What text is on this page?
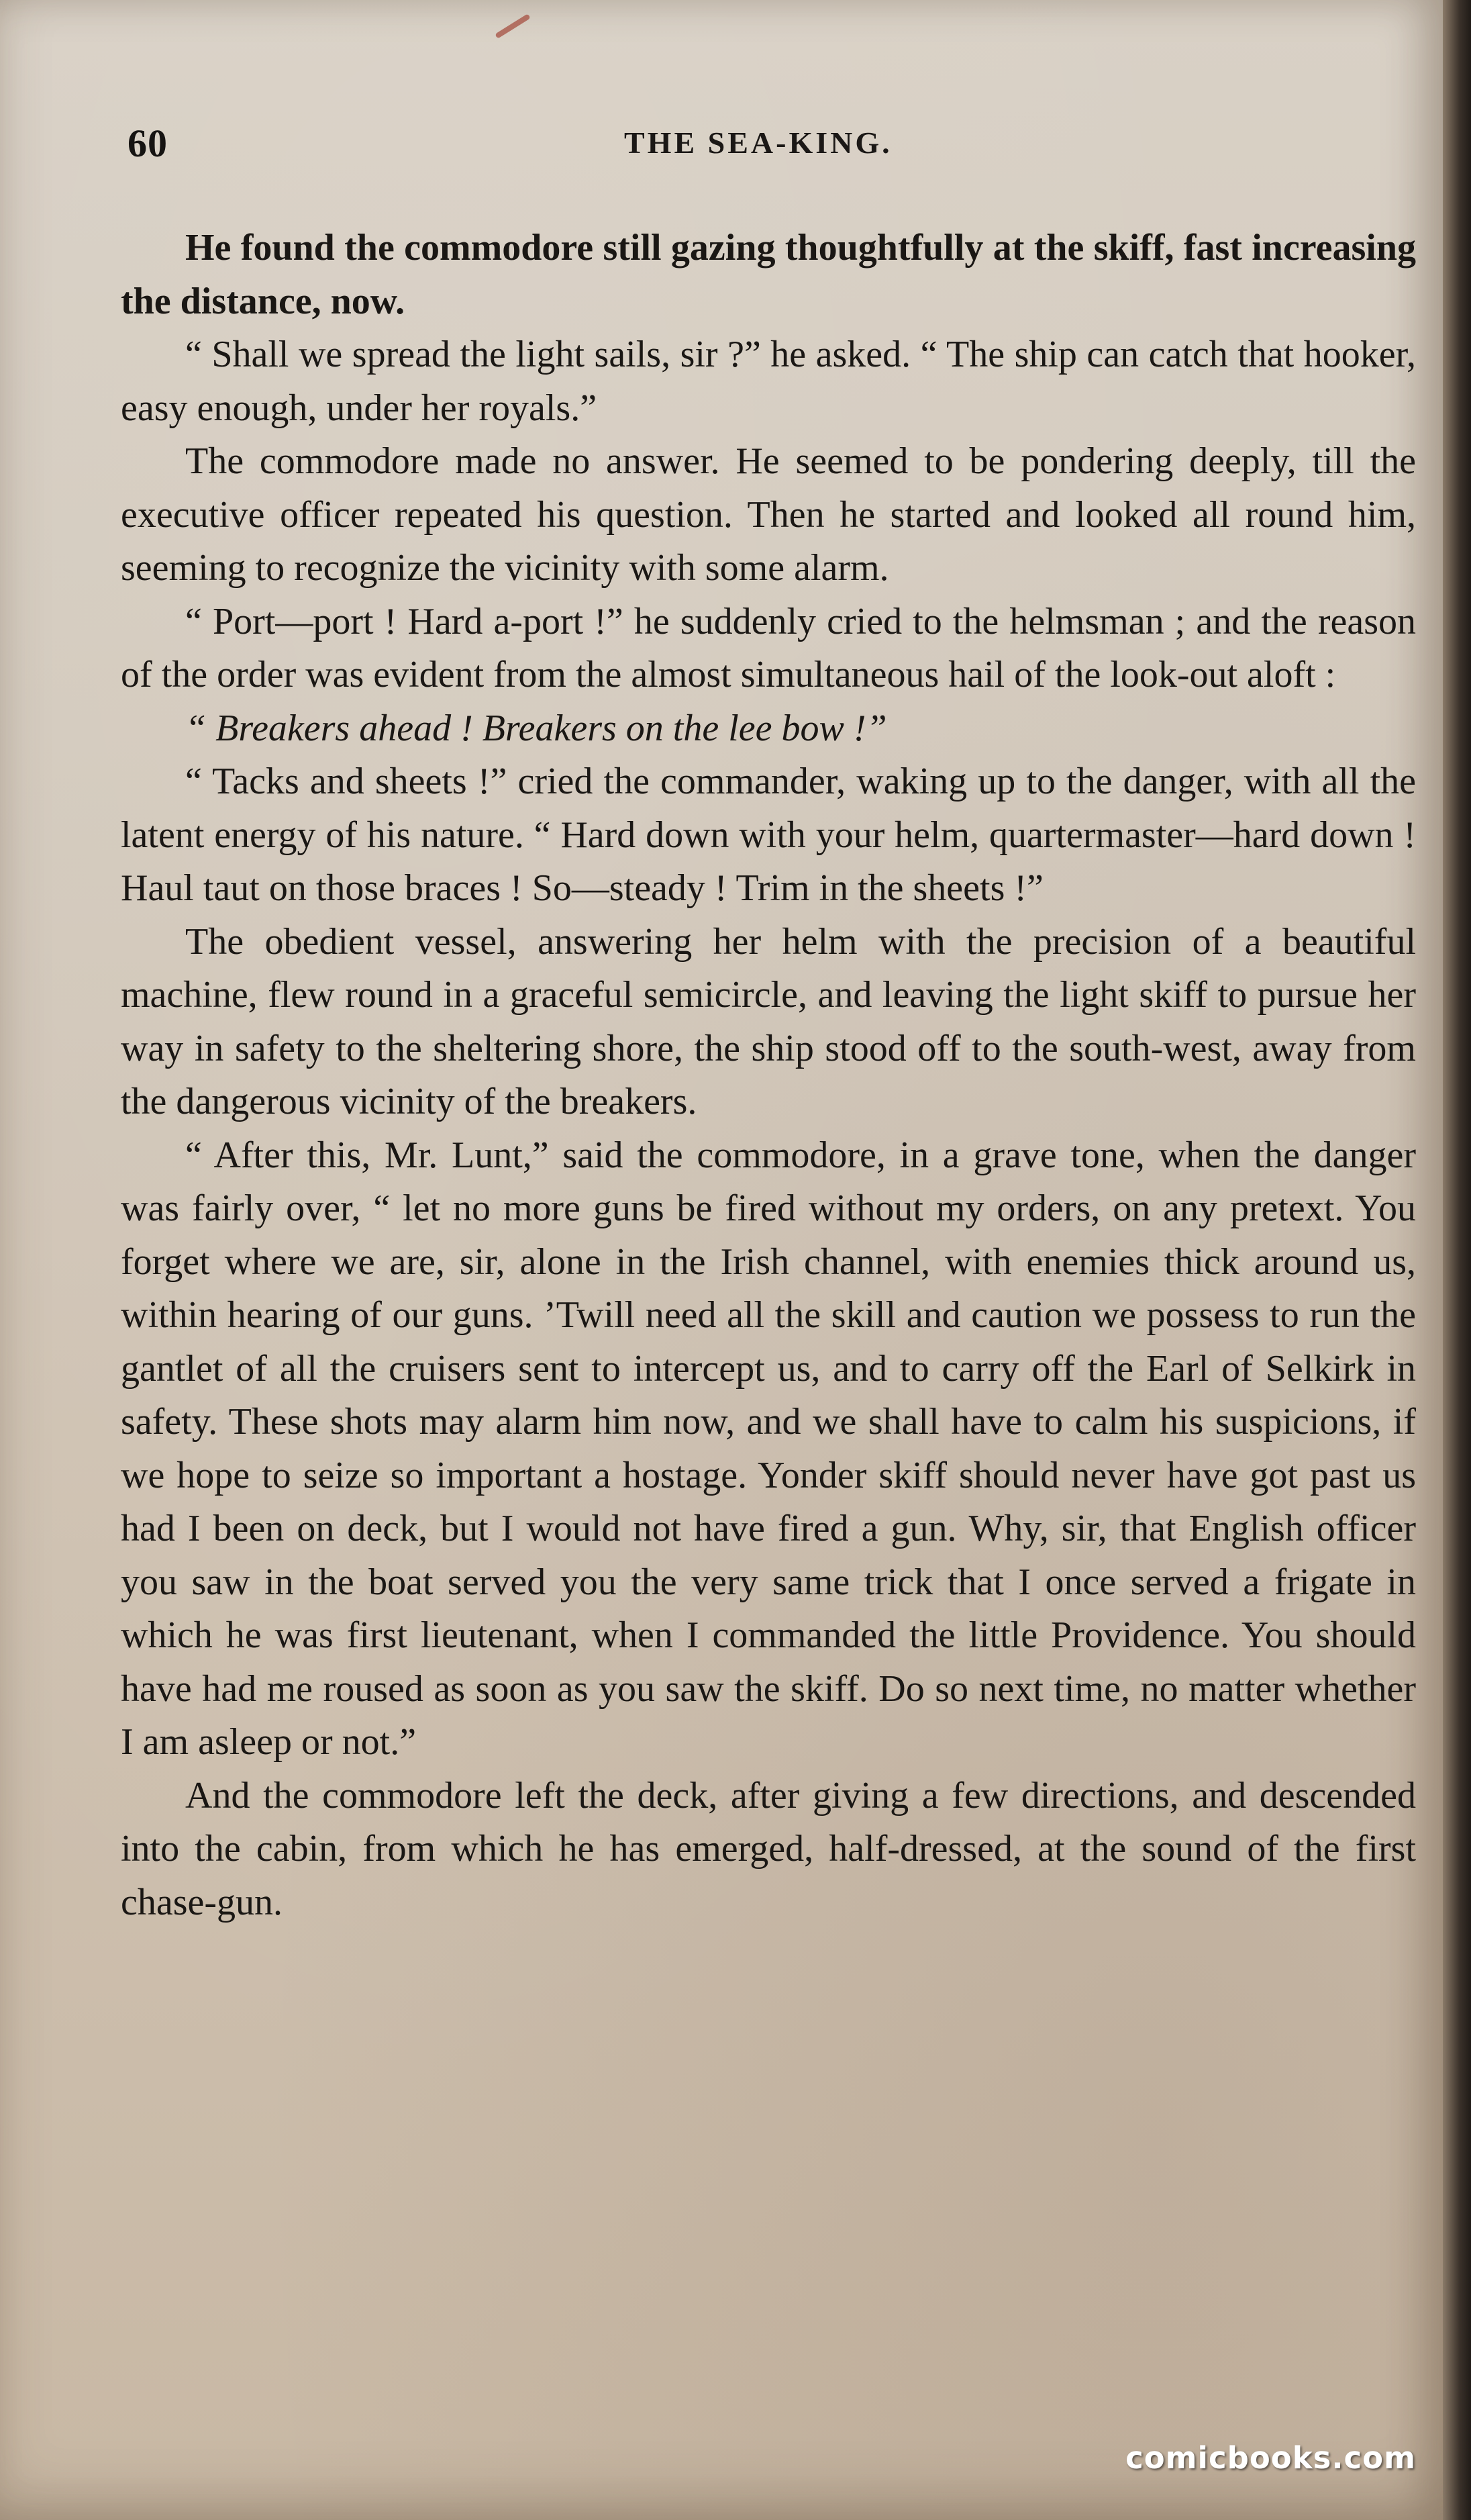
60	THE SEA-KING.

He found the commodore still gazing thoughtfully at the skiff, fast increasing the distance, now.

“ Shall we spread the light sails, sir ?” he asked. “ The ship can catch that hooker, easy enough, under her royals.”

The commodore made no answer. He seemed to be pondering deeply, till the executive officer repeated his question. Then he started and looked all round him, seeming to recognize the vicinity with some alarm.

“ Port—port ! Hard a-port !” he suddenly cried to the helmsman ; and the reason of the order was evident from the almost simultaneous hail of the look-out aloft :

“ Breakers ahead ! Breakers on the lee bow !”

“ Tacks and sheets !” cried the commander, waking up to the danger, with all the latent energy of his nature. “ Hard down with your helm, quartermaster—hard down ! Haul taut on those braces ! So—steady ! Trim in the sheets !”

The obedient vessel, answering her helm with the precision of a beautiful machine, flew round in a graceful semicircle, and leaving the light skiff to pursue her way in safety to the sheltering shore, the ship stood off to the south-west, away from the dangerous vicinity of the breakers.

“ After this, Mr. Lunt,” said the commodore, in a grave tone, when the danger was fairly over, “ let no more guns be fired without my orders, on any pretext. You forget where we are, sir, alone in the Irish channel, with enemies thick around us, within hearing of our guns. ’Twill need all the skill and caution we possess to run the gantlet of all the cruisers sent to intercept us, and to carry off the Earl of Selkirk in safety. These shots may alarm him now, and we shall have to calm his suspicions, if we hope to seize so important a hostage. Yonder skiff should never have got past us had I been on deck, but I would not have fired a gun. Why, sir, that English officer you saw in the boat served you the very same trick that I once served a frigate in which he was first lieutenant, when I commanded the little Providence. You should have had me roused as soon as you saw the skiff. Do so next time, no matter whether I am asleep or not.”

And the commodore left the deck, after giving a few directions, and descended into the cabin, from which he has emerged, half-dressed, at the sound of the first chase-gun.

comicbooks.com
